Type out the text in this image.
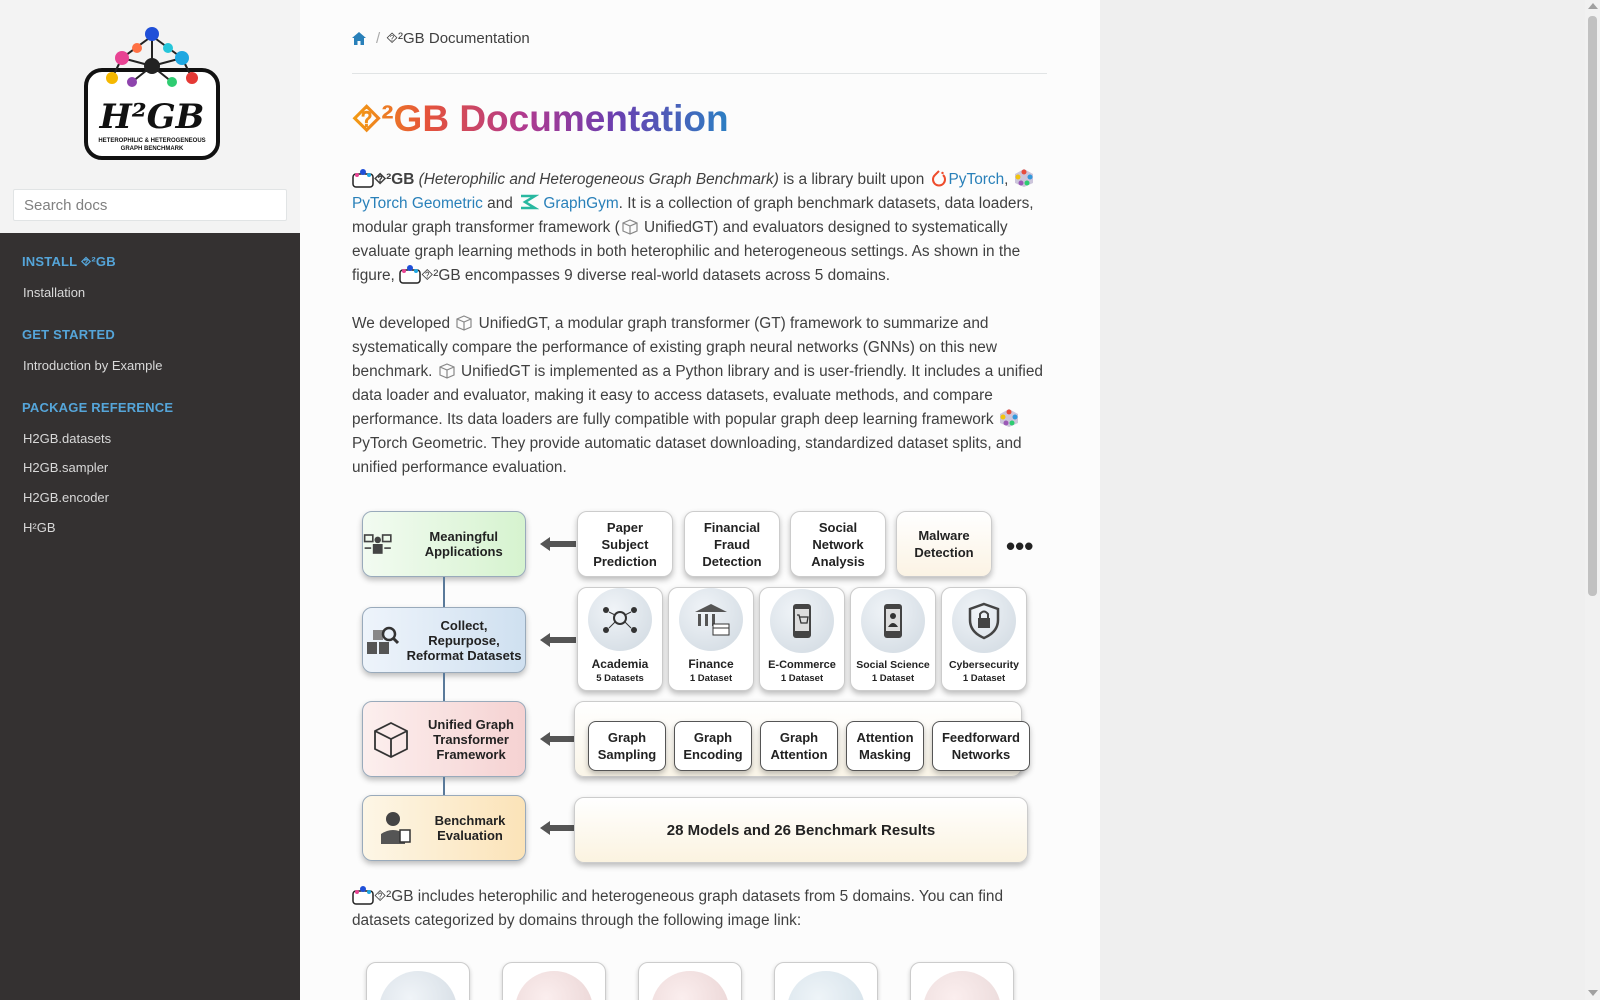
H²GB
HETEROPHILIC & HETEROGENEOUS
GRAPH BENCHMARK
Search docs
INSTALL ⯑²GB
Installation
GET STARTED
Introduction by Example
PACKAGE REFERENCE
H2GB.datasets
H2GB.sampler
H2GB.encoder
H²GB
/ ⯑²GB Documentation
⯑²GB Documentation
⯑²GB (Heterophilic and Heterogeneous Graph Benchmark) is a library built upon PyTorch,
PyTorch Geometric and  GraphGym. It is a collection of graph benchmark datasets, data loaders, modular graph transformer framework ( UnifiedGT) and evaluators designed to systematically evaluate graph learning methods in both heterophilic and heterogeneous settings. As shown in the figure, ⯑²GB encompasses 9 diverse real-world datasets across 5 domains.
We developed  UnifiedGT, a modular graph transformer (GT) framework to summarize and systematically compare the performance of existing graph neural networks (GNNs) on this new benchmark.  UnifiedGT is implemented as a Python library and is user-friendly. It includes a unified data loader and evaluator, making it easy to access datasets, evaluate methods, and compare performance. Its data loaders are fully compatible with popular graph deep learning framework  PyTorch Geometric. They provide automatic dataset downloading, standardized dataset splits, and unified performance evaluation.
Meaningful Applications
Collect, Repurpose, Reformat Datasets
Unified Graph Transformer Framework
Benchmark Evaluation
Paper Subject Prediction
Financial Fraud Detection
Social Network Analysis
Malware Detection •••
Academia
5 Datasets
Finance
1 Dataset
E-Commerce
1 Dataset
Social Science
1 Dataset
Cybersecurity
1 Dataset
Graph Sampling
Graph Encoding
Graph Attention
Attention Masking
Feedforward Networks
28 Models and 26 Benchmark Results
⯑²GB includes heterophilic and heterogeneous graph datasets from 5 domains. You can find datasets categorized by domains through the following image link:
